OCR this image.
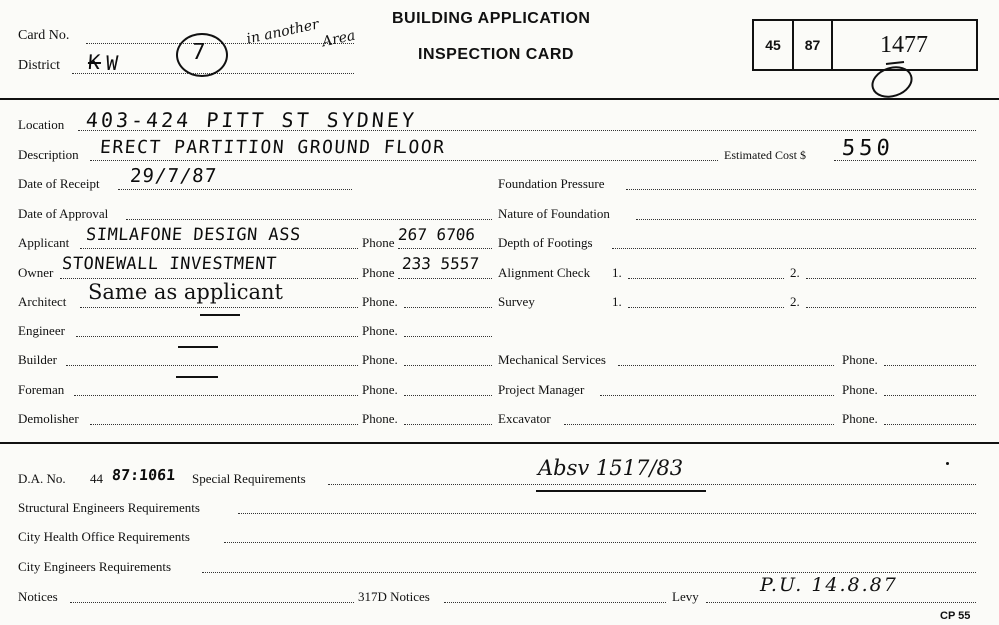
Card No.
District K W	7
in another Area
BUILDING APPLICATION
INSPECTION CARD
45	87	1477
Location 403-424 PITT ST SYDNEY
Description ERECT PARTITION GROUND FLOOR	Estimated Cost $ 550
Date of Receipt 29/7/87	Foundation Pressure
Date of Approval	Nature of Foundation
Applicant SIMLAFONE DESIGN ASS	Phone 267 6706 Depth of Footings
Owner STONEWALL INVESTMENT	Phone 233 5557 Alignment Check 1.	2.
Architect Same as applicant	Phone.	Survey	1.	2.
Engineer	Phone.
Builder	Phone.	Mechanical Services	Phone.
Foreman	Phone.	Project Manager	Phone.
Demolisher	Phone.	Excavator	Phone.
D.A. No. 44 87:1061 Special Requirements	Absv 1517/83
Structural Engineers Requirements
City Health Office Requirements
City Engineers Requirements
Notices	317D Notices	Levy
P.U. 14.8.87
CP 55
